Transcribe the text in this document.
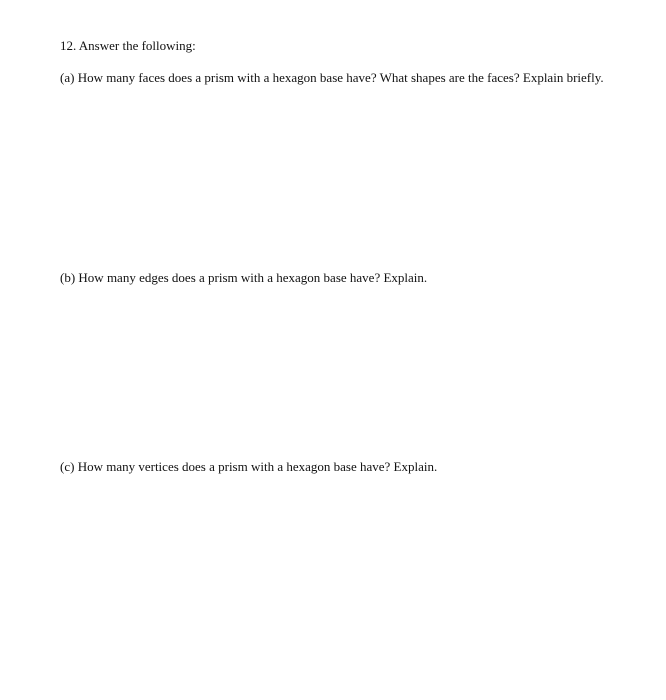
12. Answer the following:
(a) How many faces does a prism with a hexagon base have? What shapes are the faces? Explain briefly.
(b) How many edges does a prism with a hexagon base have? Explain.
(c) How many vertices does a prism with a hexagon base have? Explain.
